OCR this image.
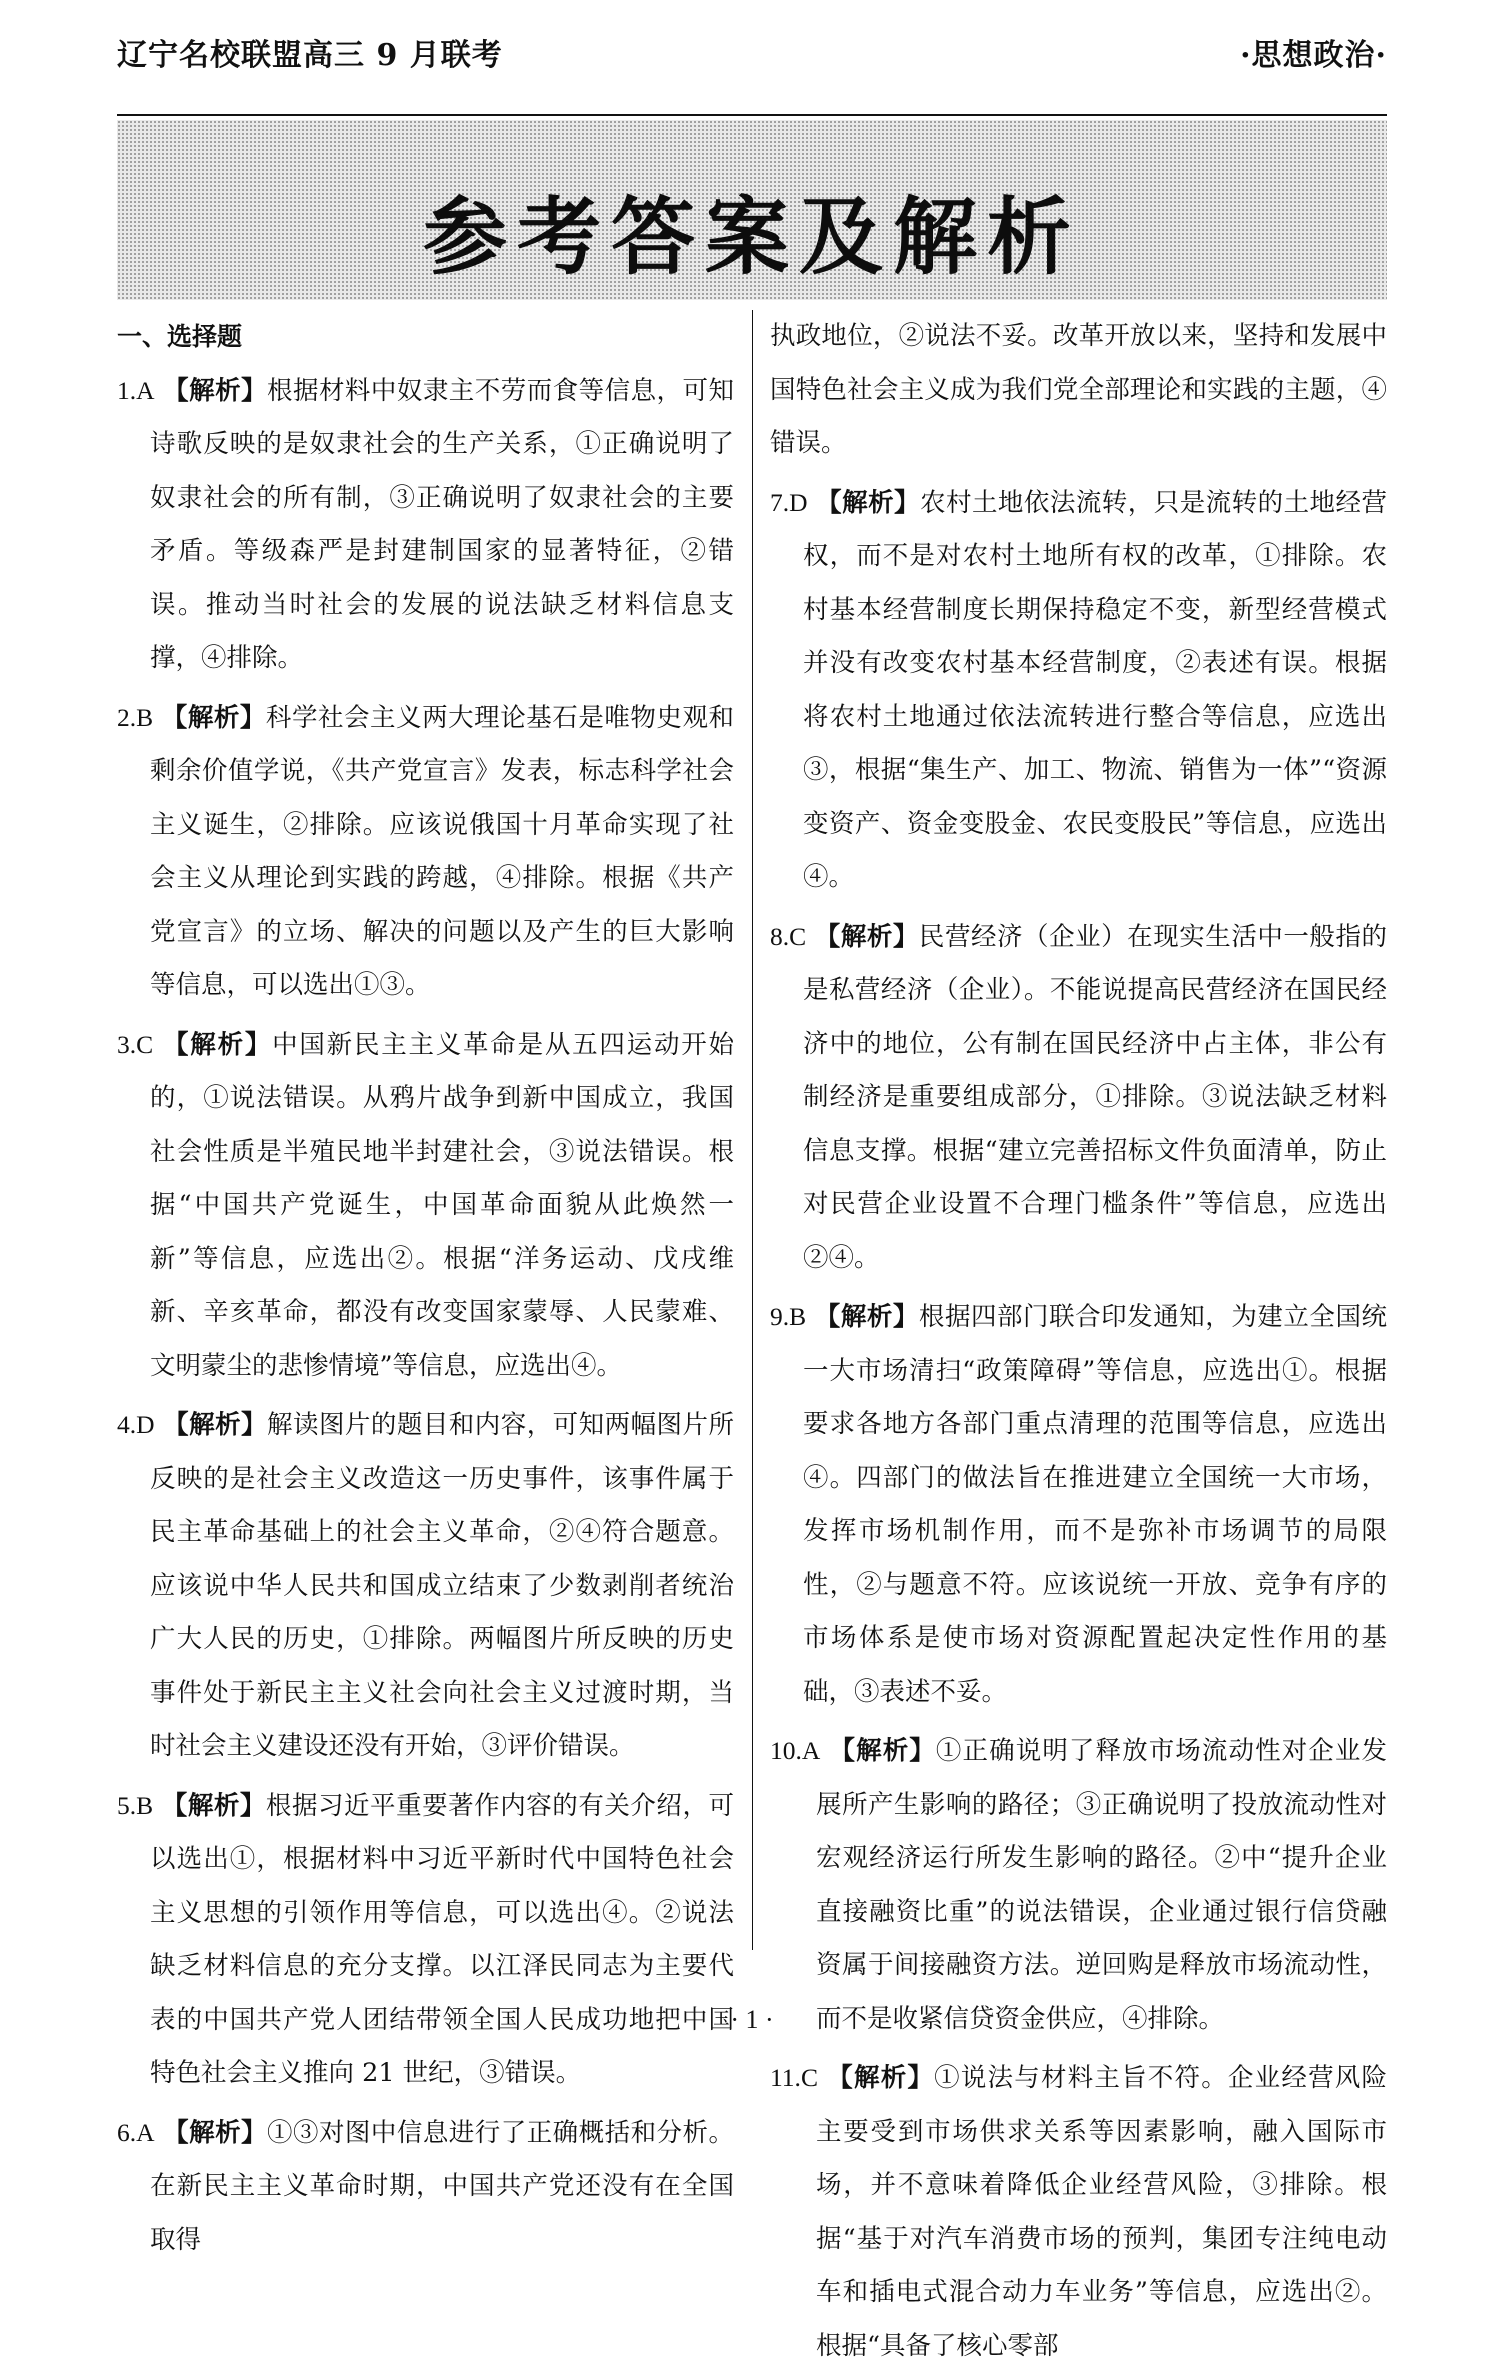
辽宁名校联盟高三 9 月联考	·思想政治·
参考答案及解析
一、选择题

1.A 【解析】根据材料中奴隶主不劳而食等信息，可知诗歌反映的是奴隶社会的生产关系，①正确说明了奴隶社会的所有制，③正确说明了奴隶社会的主要矛盾。等级森严是封建制国家的显著特征，②错误。推动当时社会的发展的说法缺乏材料信息支撑，④排除。

2.B 【解析】科学社会主义两大理论基石是唯物史观和剩余价值学说，《共产党宣言》发表，标志科学社会主义诞生，②排除。应该说俄国十月革命实现了社会主义从理论到实践的跨越，④排除。根据《共产党宣言》的立场、解决的问题以及产生的巨大影响等信息，可以选出①③。

3.C 【解析】中国新民主主义革命是从五四运动开始的，①说法错误。从鸦片战争到新中国成立，我国社会性质是半殖民地半封建社会，③说法错误。根据“中国共产党诞生，中国革命面貌从此焕然一新”等信息，应选出②。根据“洋务运动、戊戌维新、辛亥革命，都没有改变国家蒙辱、人民蒙难、文明蒙尘的悲惨情境”等信息，应选出④。

4.D 【解析】解读图片的题目和内容，可知两幅图片所反映的是社会主义改造这一历史事件，该事件属于民主革命基础上的社会主义革命，②④符合题意。应该说中华人民共和国成立结束了少数剥削者统治广大人民的历史，①排除。两幅图片所反映的历史事件处于新民主主义社会向社会主义过渡时期，当时社会主义建设还没有开始，③评价错误。

5.B 【解析】根据习近平重要著作内容的有关介绍，可以选出①，根据材料中习近平新时代中国特色社会主义思想的引领作用等信息，可以选出④。②说法缺乏材料信息的充分支撑。以江泽民同志为主要代表的中国共产党人团结带领全国人民成功地把中国特色社会主义推向 21 世纪，③错误。

6.A 【解析】①③对图中信息进行了正确概括和分析。在新民主主义革命时期，中国共产党还没有在全国取得

执政地位，②说法不妥。改革开放以来，坚持和发展中国特色社会主义成为我们党全部理论和实践的主题，④错误。

7.D 【解析】农村土地依法流转，只是流转的土地经营权，而不是对农村土地所有权的改革，①排除。农村基本经营制度长期保持稳定不变，新型经营模式并没有改变农村基本经营制度，②表述有误。根据将农村土地通过依法流转进行整合等信息，应选出③，根据“集生产、加工、物流、销售为一体”“资源变资产、资金变股金、农民变股民”等信息，应选出④。

8.C 【解析】民营经济（企业）在现实生活中一般指的是私营经济（企业）。不能说提高民营经济在国民经济中的地位，公有制在国民经济中占主体，非公有制经济是重要组成部分，①排除。③说法缺乏材料信息支撑。根据“建立完善招标文件负面清单，防止对民营企业设置不合理门槛条件”等信息，应选出②④。

9.B 【解析】根据四部门联合印发通知，为建立全国统一大市场清扫“政策障碍”等信息，应选出①。根据要求各地方各部门重点清理的范围等信息，应选出④。四部门的做法旨在推进建立全国统一大市场，发挥市场机制作用，而不是弥补市场调节的局限性，②与题意不符。应该说统一开放、竞争有序的市场体系是使市场对资源配置起决定性作用的基础，③表述不妥。

10.A 【解析】①正确说明了释放市场流动性对企业发展所产生影响的路径；③正确说明了投放流动性对宏观经济运行所发生影响的路径。②中“提升企业直接融资比重”的说法错误，企业通过银行信贷融资属于间接融资方法。逆回购是释放市场流动性，而不是收紧信贷资金供应，④排除。

11.C 【解析】①说法与材料主旨不符。企业经营风险主要受到市场供求关系等因素影响，融入国际市场，并不意味着降低企业经营风险，③排除。根据“基于对汽车消费市场的预判，集团专注纯电动车和插电式混合动力车业务”等信息，应选出②。根据“具备了核心零部

· 1 ·
